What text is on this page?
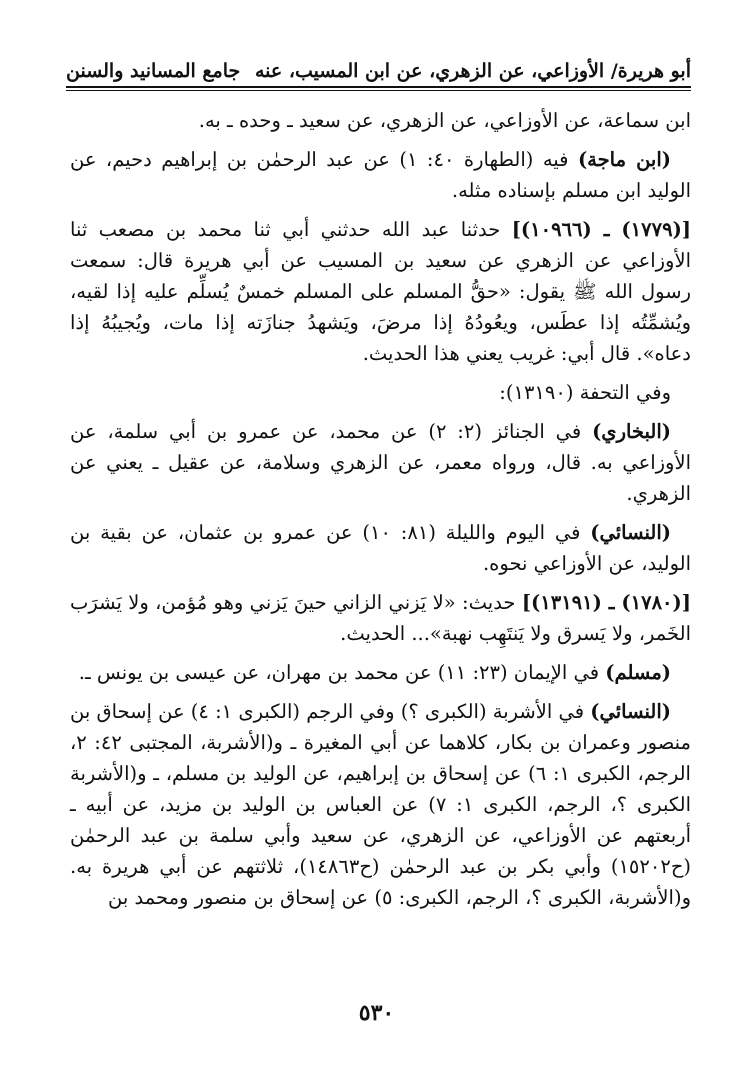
أبو هريرة/ الأوزاعي، عن الزهري، عن ابن المسيب، عنه
جامع المسانيد والسنن

ابن سماعة، عن الأوزاعي، عن الزهري، عن سعيد ـ وحده ـ به.

(ابن ماجة) فيه (الطهارة ٤٠: ١) عن عبد الرحمٰن بن إبراهيم دحيم، عن الوليد ابن مسلم بإسناده مثله.

[(١٧٧٩) ـ (١٠٩٦٦)] حدثنا عبد الله حدثني أبي ثنا محمد بن مصعب ثنا الأوزاعي عن الزهري عن سعيد بن المسيب عن أبي هريرة قال: سمعت رسول الله ﷺ يقول: «حقُّ المسلم على المسلم خمسٌ يُسلِّم عليه إذا لقيه، ويُشمِّتُه إذا عطَس، ويعُودُهُ إذا مرضَ، ويَشهدُ جنازَته إذا مات، ويُجيبُهُ إذا دعاه». قال أبي: غريب يعني هذا الحديث.

وفي التحفة (١٣١٩٠):

(البخاري) في الجنائز (٢: ٢) عن محمد، عن عمرو بن أبي سلمة، عن الأوزاعي به. قال، ورواه معمر، عن الزهري وسلامة، عن عقيل ـ يعني عن الزهري.

(النسائي) في اليوم والليلة (٨١: ١٠) عن عمرو بن عثمان، عن بقية بن الوليد، عن الأوزاعي نحوه.

[(١٧٨٠) ـ (١٣١٩١)] حديث: «لا يَزني الزاني حينَ يَزني وهو مُؤمن، ولا يَشرَب الخَمر، ولا يَسرق ولا يَنتَهِب نهبة»... الحديث.

(مسلم) في الإيمان (٢٣: ١١) عن محمد بن مهران، عن عيسى بن يونس ـ.

(النسائي) في الأشربة (الكبرى ؟) وفي الرجم (الكبرى ١: ٤) عن إسحاق بن منصور وعمران بن بكار، كلاهما عن أبي المغيرة ـ و(الأشربة، المجتبى ٤٢: ٢، الرجم، الكبرى ١: ٦) عن إسحاق بن إبراهيم، عن الوليد بن مسلم، ـ و(الأشربة الكبرى ؟، الرجم، الكبرى ١: ٧) عن العباس بن الوليد بن مزيد، عن أبيه ـ أربعتهم عن الأوزاعي، عن الزهري، عن سعيد وأبي سلمة بن عبد الرحمٰن (ح١٥٢٠٢) وأبي بكر بن عبد الرحمٰن (ح١٤٨٦٣)، ثلاثتهم عن أبي هريرة به. و(الأشربة، الكبرى ؟، الرجم، الكبرى: ٥) عن إسحاق بن منصور ومحمد بن

٥٣٠
